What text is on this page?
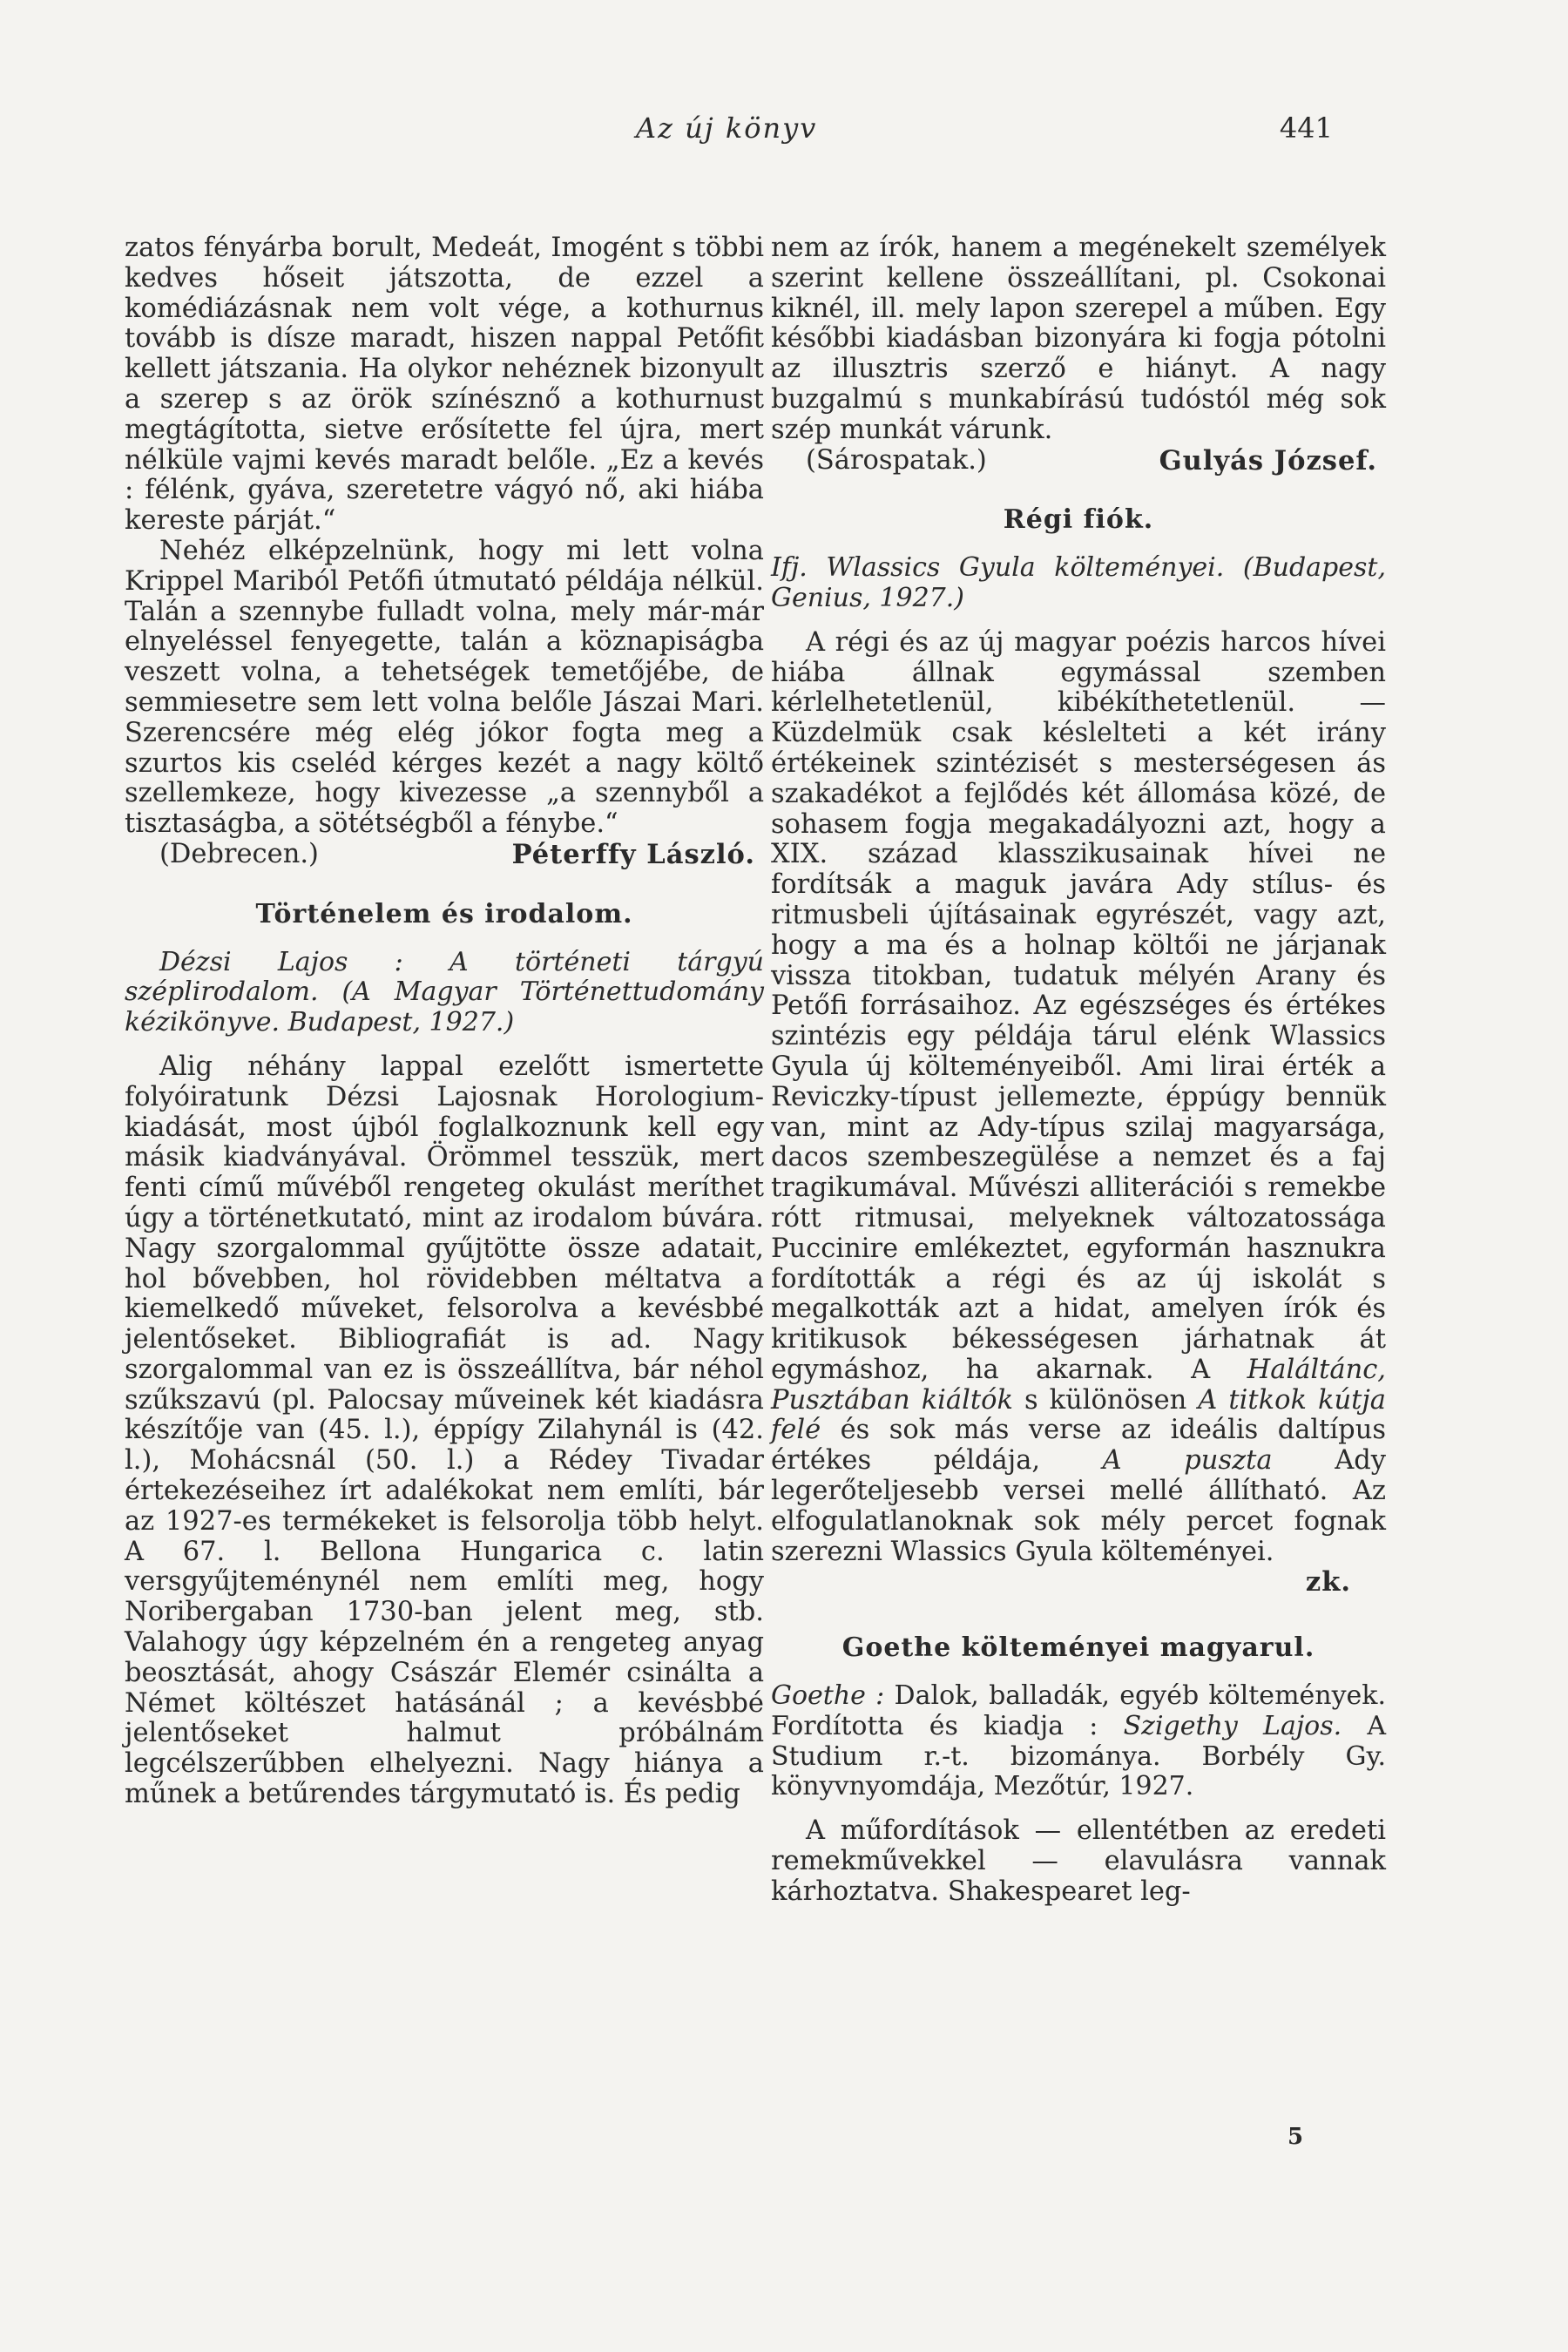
Az új könyv	441

zatos fényárba borult, Medeát, Imogént s többi kedves hőseit játszotta, de ezzel a komédiázásnak nem volt vége, a kothurnus tovább is dísze maradt, hiszen nappal Petőfit kellett játszania. Ha olykor nehéznek bizonyult a szerep s az örök színésznő a kothurnust megtágította, sietve erősítette fel újra, mert nélküle vajmi kevés maradt belőle. „Ez a kevés : félénk, gyáva, szeretetre vágyó nő, aki hiába kereste párját.“

Nehéz elképzelnünk, hogy mi lett volna Krippel Mariból Petőfi útmutató példája nélkül. Talán a szennybe fulladt volna, mely már-már elnyeléssel fenyegette, talán a köznapiságba veszett volna, a tehetségek temetőjébe, de semmiesetre sem lett volna belőle Jászai Mari. Szerencsére még elég jókor fogta meg a szurtos kis cseléd kérges kezét a nagy költő szellemkeze, hogy kivezesse „a szennyből a tisztaságba, a sötétségből a fénybe.“

(Debrecen.)	Péterffy László.
Történelem és irodalom.

Dézsi Lajos : A történeti tárgyú széplirodalom. (A Magyar Történettudomány kézikönyve. Budapest, 1927.)

Alig néhány lappal ezelőtt ismertette folyóiratunk Dézsi Lajosnak Horologium-kiadását, most újból foglalkoznunk kell egy másik kiadványával. Örömmel tesszük, mert fenti című művéből rengeteg okulást meríthet úgy a történetkutató, mint az irodalom búvára. Nagy szorgalommal gyűjtötte össze adatait, hol bővebben, hol rövidebben méltatva a kiemelkedő műveket, felsorolva a kevésbbé jelentőseket. Bibliografiát is ad. Nagy szorgalommal van ez is összeállítva, bár néhol szűkszavú (pl. Palocsay műveinek két kiadásra készítője van (45. l.), éppígy Zilahynál is (42. l.), Mohácsnál (50. l.) a Rédey Tivadar értekezéseihez írt adalékokat nem említi, bár az 1927-es termékeket is felsorolja több helyt. A 67. l. Bellona Hungarica c. latin versgyűjteménynél nem említi meg, hogy Noribergaban 1730-ban jelent meg, stb. Valahogy úgy képzelném én a rengeteg anyag beosztását, ahogy Császár Elemér csinálta a Német költészet hatásánál ; a kevésbbé jelentőseket halmut próbálnám legcélszerűbben elhelyezni. Nagy hiánya a műnek a betűrendes tárgymutató is. És pedig

nem az írók, hanem a megénekelt személyek szerint kellene összeállítani, pl. Csokonai kiknél, ill. mely lapon szerepel a műben. Egy későbbi kiadásban bizonyára ki fogja pótolni az illusztris szerző e hiányt. A nagy buzgalmú s munkabírású tudóstól még sok szép munkát várunk.

(Sárospatak.)	Gulyás József.
Régi fiók.

Ifj. Wlassics Gyula költeményei. (Budapest, Genius, 1927.)

A régi és az új magyar poézis harcos hívei hiába állnak egymással szemben kérlelhetetlenül, kibékíthetetlenül. — Küzdelmük csak késlelteti a két irány értékeinek szintézisét s mesterségesen ás szakadékot a fejlődés két állomása közé, de sohasem fogja megakadályozni azt, hogy a XIX. század klasszikusainak hívei ne fordítsák a maguk javára Ady stílus- és ritmusbeli újításainak egyrészét, vagy azt, hogy a ma és a holnap költői ne járjanak vissza titokban, tudatuk mélyén Arany és Petőfi forrásaihoz. Az egészséges és értékes szintézis egy példája tárul elénk Wlassics Gyula új költeményeiből. Ami lirai érték a Reviczky-típust jellemezte, éppúgy bennük van, mint az Ady-típus szilaj magyarsága, dacos szembeszegülése a nemzet és a faj tragikumával. Művészi alliterációi s remekbe rótt ritmusai, melyeknek változatossága Puccinire emlékeztet, egyformán hasznukra fordították a régi és az új iskolát s megalkották azt a hidat, amelyen írók és kritikusok békességesen járhatnak át egymáshoz, ha akarnak. A Haláltánc, Pusztában kiáltók s különösen A titkok kútja felé és sok más verse az ideális daltípus értékes példája, A puszta Ady legerőteljesebb versei mellé állítható. Az elfogulatlanoknak sok mély percet fognak szerezni Wlassics Gyula költeményei.

zk.
Goethe költeményei magyarul.

Goethe : Dalok, balladák, egyéb költemények. Fordította és kiadja : Szigethy Lajos. A Studium r.-t. bizománya. Borbély Gy. könyvnyomdája, Mezőtúr, 1927.

A műfordítások — ellentétben az eredeti remekművekkel — elavulásra vannak kárhoztatva. Shakespearet leg-

5
